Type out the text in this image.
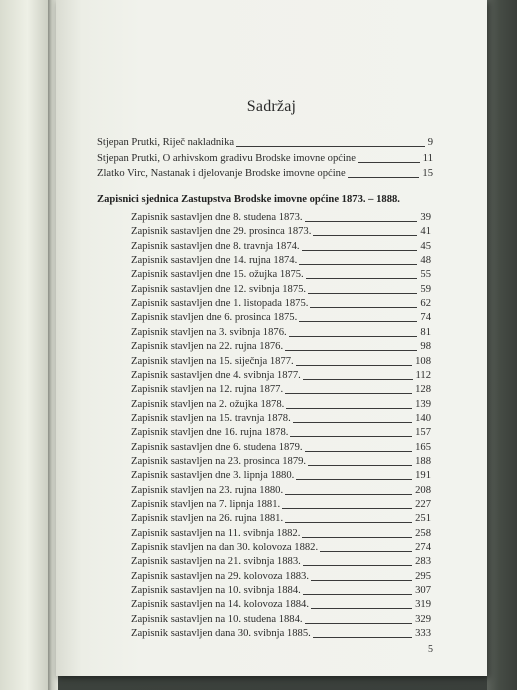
Sadržaj
Stjepan Prutki, Riječ nakladnika	9
Stjepan Prutki, O arhivskom gradivu Brodske imovne općine	11
Zlatko Virc, Nastanak i djelovanje Brodske imovne općine	15
Zapisnici sjednica Zastupstva Brodske imovne općine 1873. – 1888.
Zapisnik sastavljen dne 8. studena 1873.	39
Zapisnik sastavljen dne 29. prosinca 1873.	41
Zapisnik sastavljen dne 8. travnja 1874.	45
Zapisnik sastavljen dne 14. rujna 1874.	48
Zapisnik sastavljen dne 15. ožujka 1875.	55
Zapisnik sastavljen dne 12. svibnja 1875.	59
Zapisnik sastavljen dne 1. listopada 1875.	62
Zapisnik stavljen dne 6. prosinca 1875.	74
Zapisnik stavljen na 3. svibnja 1876.	81
Zapisnik stavljen na 22. rujna 1876.	98
Zapisnik stavljen na 15. siječnja 1877.	108
Zapisnik sastavljen dne 4. svibnja 1877.	112
Zapisnik stavljen na 12. rujna 1877.	128
Zapisnik stavljen na 2. ožujka 1878.	139
Zapisnik stavljen na 15. travnja 1878.	140
Zapisnik stavljen dne 16. rujna 1878.	157
Zapisnik sastavljen dne 6. studena 1879.	165
Zapisnik sastavljen na 23. prosinca 1879.	188
Zapisnik sastavljen dne 3. lipnja 1880.	191
Zapisnik stavljen na 23. rujna 1880.	208
Zapisnik stavljen na 7. lipnja 1881.	227
Zapisnik stavljen na 26. rujna 1881.	251
Zapisnik sastavljen na 11. svibnja 1882.	258
Zapisnik stavljen na dan 30. kolovoza 1882.	274
Zapisnik sastavljen na 21. svibnja 1883.	283
Zapisnik sastavljen na 29. kolovoza 1883.	295
Zapisnik sastavljen na 10. svibnja 1884.	307
Zapisnik sastavljen na 14. kolovoza 1884.	319
Zapisnik sastavljen na 10. studena 1884.	329
Zapisnik sastavljen dana 30. svibnja 1885.	333
5
